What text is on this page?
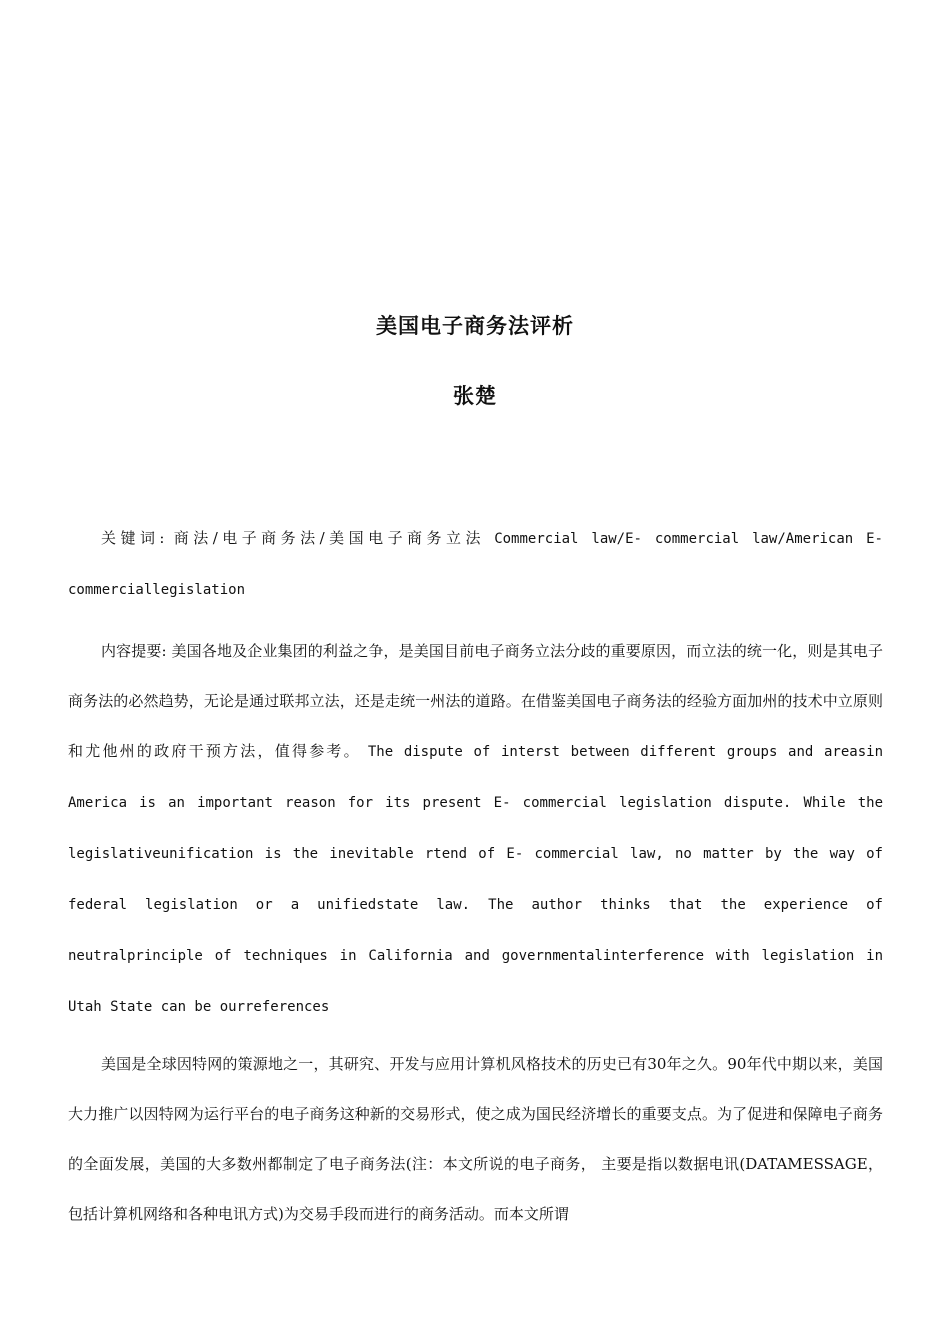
美国电子商务法评析
张楚

关键词: 商法/电子商务法/美国电子商务立法 Commercial law/E- commercial law/American E-commerciallegislation

内容提要: 美国各地及企业集团的利益之争，是美国目前电子商务立法分歧的重要原因，而立法的统一化，则是其电子商务法的必然趋势，无论是通过联邦立法，还是走统一州法的道路。在借鉴美国电子商务法的经验方面加州的技术中立原则和尤他州的政府干预方法，值得参考。 The dispute of interst between different groups and areasin America is an important reason for its present E- commercial legislation dispute. While the legislativeunification is the inevitable rtend of E- commercial law, no matter by the way of federal legislation or a unifiedstate law. The author thinks that the experience of neutralprinciple of techniques in California and governmentalinterference with legislation in Utah State can be ourreferences

美国是全球因特网的策源地之一，其研究、开发与应用计算机风格技术的历史已有30年之久。90年代中期以来，美国大力推广以因特网为运行平台的电子商务这种新的交易形式，使之成为国民经济增长的重要支点。为了促进和保障电子商务的全面发展，美国的大多数州都制定了电子商务法(注：本文所说的电子商务， 主要是指以数据电讯(DATAMESSAGE， 包括计算机网络和各种电讯方式)为交易手段而进行的商务活动。而本文所谓
